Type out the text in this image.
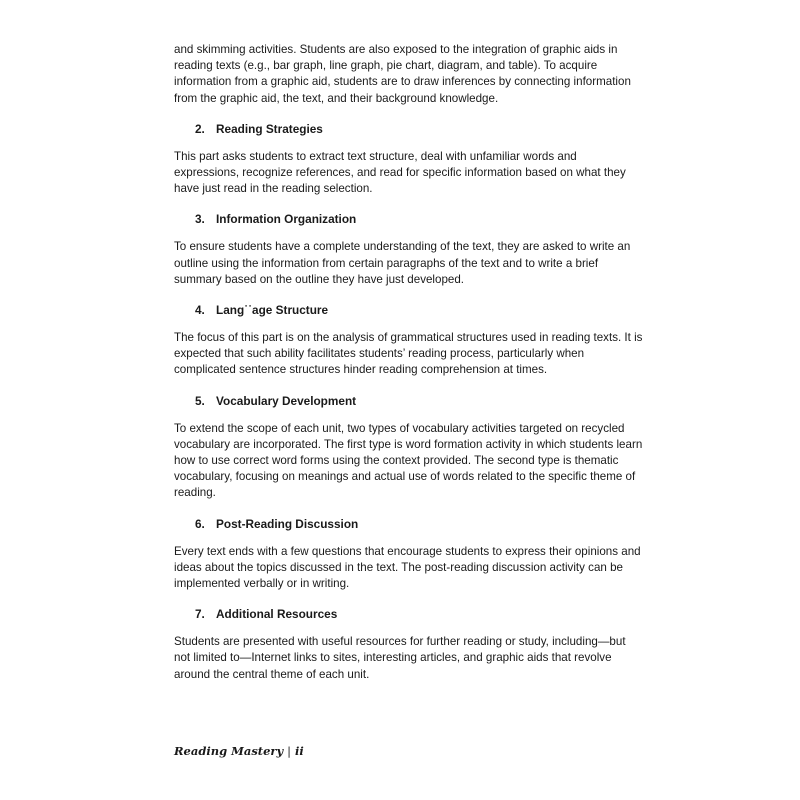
and skimming activities. Students are also exposed to the integration of graphic aids in reading texts (e.g., bar graph, line graph, pie chart, diagram, and table). To acquire information from a graphic aid, students are to draw inferences by connecting information from the graphic aid, the text, and their background knowledge.

2. Reading Strategies

This part asks students to extract text structure, deal with unfamiliar words and expressions, recognize references, and read for specific information based on what they have just read in the reading selection.

3. Information Organization

To ensure students have a complete understanding of the text, they are asked to write an outline using the information from certain paragraphs of the text and to write a brief summary based on the outline they have just developed.

4. Lang˙˙age Structure

The focus of this part is on the analysis of grammatical structures used in reading texts. It is expected that such ability facilitates students’ reading process, particularly when complicated sentence structures hinder reading comprehension at times.

5. Vocabulary Development

To extend the scope of each unit, two types of vocabulary activities targeted on recycled vocabulary are incorporated. The first type is word formation activity in which students learn how to use correct word forms using the context provided. The second type is thematic vocabulary, focusing on meanings and actual use of words related to the specific theme of reading.

6. Post-Reading Discussion

Every text ends with a few questions that encourage students to express their opinions and ideas about the topics discussed in the text. The post-reading discussion activity can be implemented verbally or in writing.

7. Additional Resources

Students are presented with useful resources for further reading or study, including—but not limited to—Internet links to sites, interesting articles, and graphic aids that revolve around the central theme of each unit.

Reading Mastery | ii
